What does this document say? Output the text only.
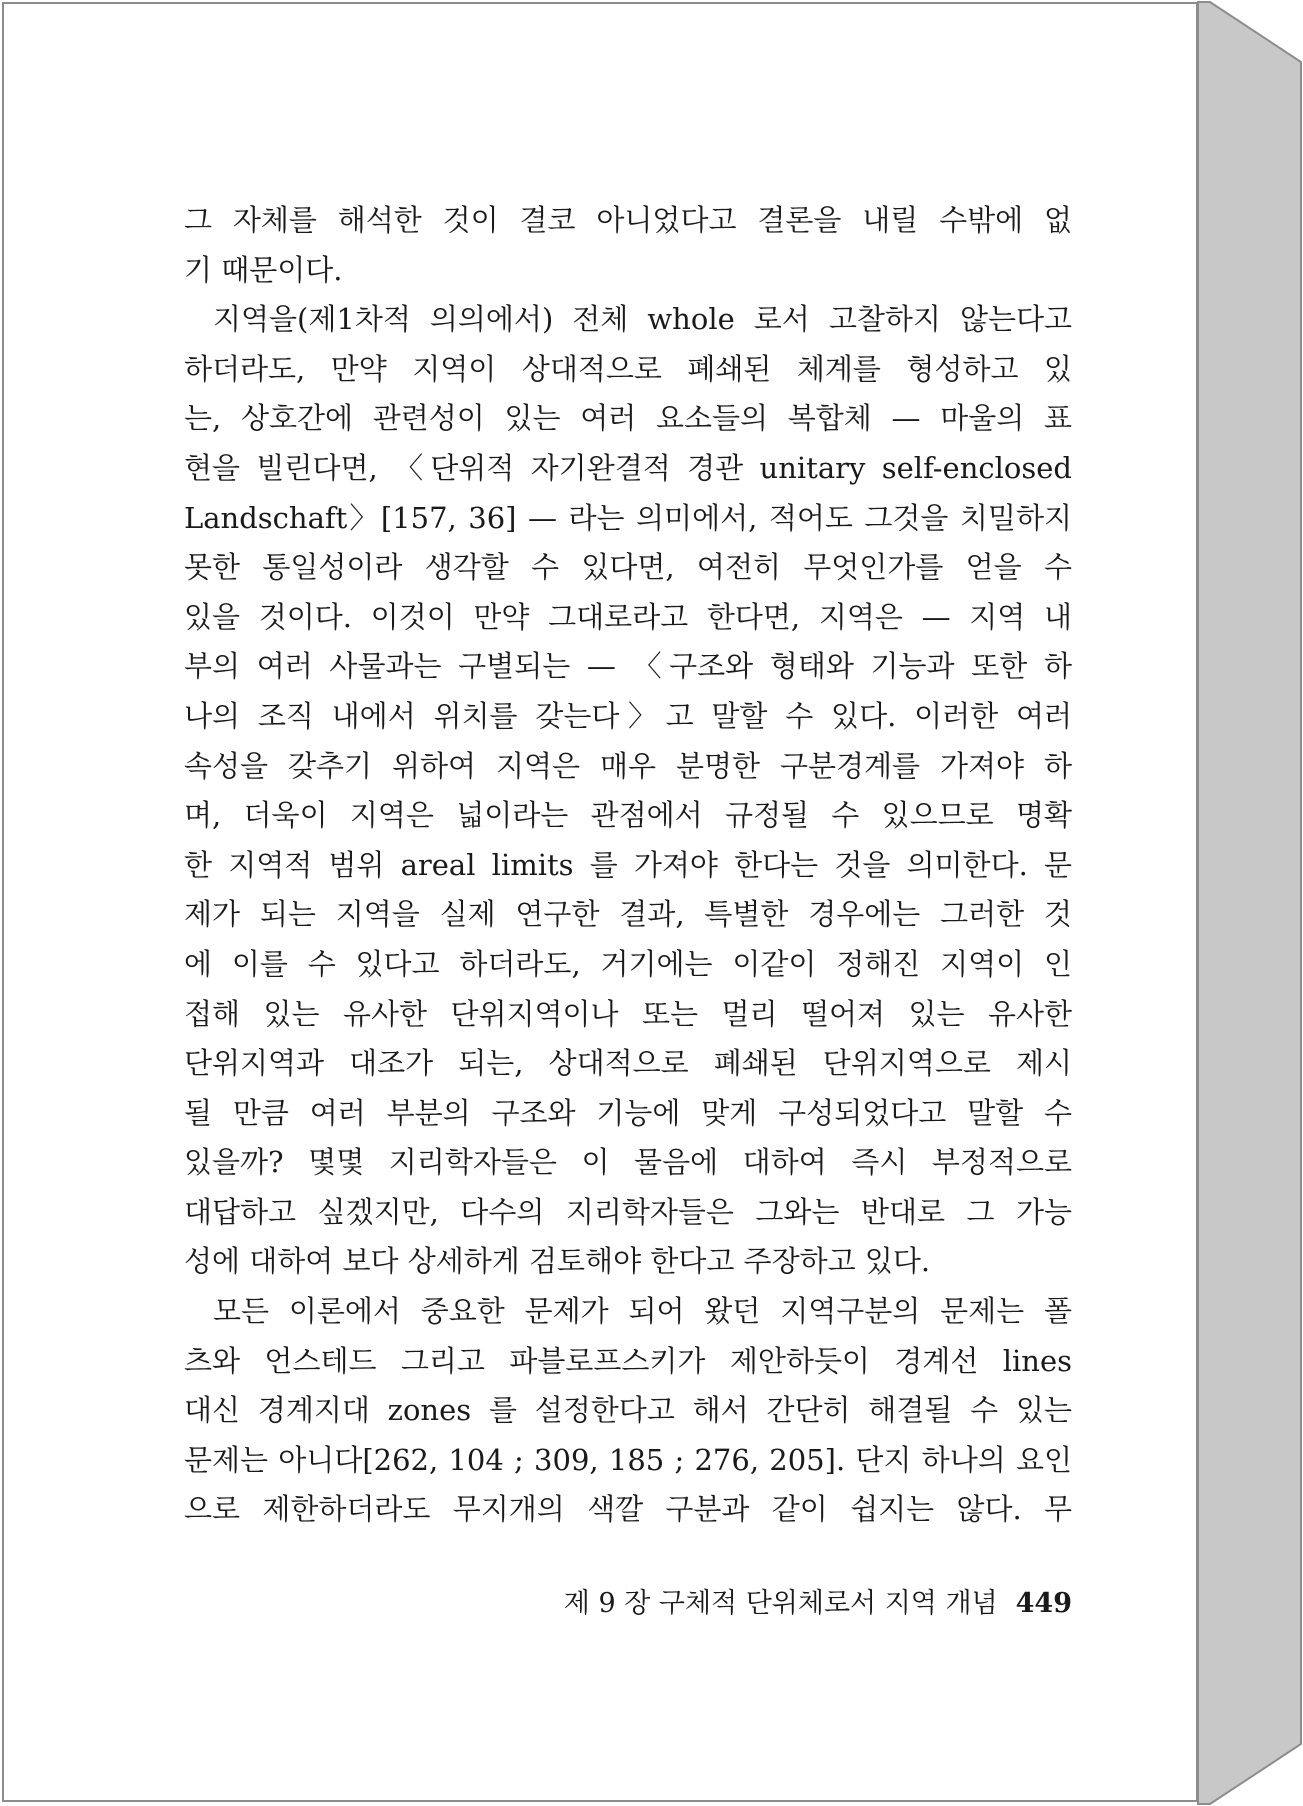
그 자체를 해석한 것이 결코 아니었다고 결론을 내릴 수밖에 없
기 때문이다.
지역을(제1차적 의의에서) 전체 whole 로서 고찰하지 않는다고
하더라도, 만약 지역이 상대적으로 폐쇄된 체계를 형성하고 있
는, 상호간에 관련성이 있는 여러 요소들의 복합체 — 마울의 표
현을 빌린다면, 〈단위적 자기완결적 경관 unitary self-enclosed
Landschaft〉[157, 36] — 라는 의미에서, 적어도 그것을 치밀하지
못한 통일성이라 생각할 수 있다면, 여전히 무엇인가를 얻을 수
있을 것이다. 이것이 만약 그대로라고 한다면, 지역은 — 지역 내
부의 여러 사물과는 구별되는 — 〈구조와 형태와 기능과 또한 하
나의 조직 내에서 위치를 갖는다〉고 말할 수 있다. 이러한 여러
속성을 갖추기 위하여 지역은 매우 분명한 구분경계를 가져야 하
며, 더욱이 지역은 넓이라는 관점에서 규정될 수 있으므로 명확
한 지역적 범위 areal limits 를 가져야 한다는 것을 의미한다. 문
제가 되는 지역을 실제 연구한 결과, 특별한 경우에는 그러한 것
에 이를 수 있다고 하더라도, 거기에는 이같이 정해진 지역이 인
접해 있는 유사한 단위지역이나 또는 멀리 떨어져 있는 유사한
단위지역과 대조가 되는, 상대적으로 폐쇄된 단위지역으로 제시
될 만큼 여러 부분의 구조와 기능에 맞게 구성되었다고 말할 수
있을까? 몇몇 지리학자들은 이 물음에 대하여 즉시 부정적으로
대답하고 싶겠지만, 다수의 지리학자들은 그와는 반대로 그 가능
성에 대하여 보다 상세하게 검토해야 한다고 주장하고 있다.
모든 이론에서 중요한 문제가 되어 왔던 지역구분의 문제는 폴
츠와 언스테드 그리고 파블로프스키가 제안하듯이 경계선 lines
대신 경계지대 zones 를 설정한다고 해서 간단히 해결될 수 있는
문제는 아니다[262, 104 ; 309, 185 ; 276, 205]. 단지 하나의 요인
으로 제한하더라도 무지개의 색깔 구분과 같이 쉽지는 않다. 무
제 9 장 구체적 단위체로서 지역 개념 449
